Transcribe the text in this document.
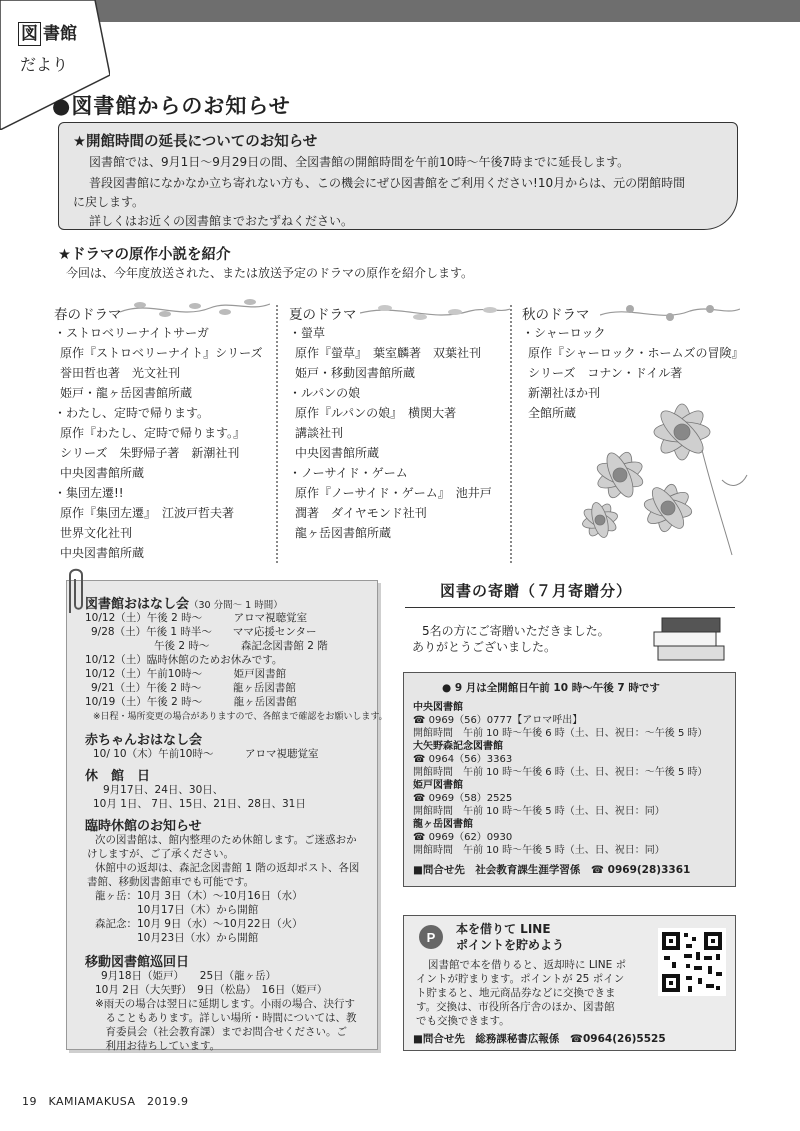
図 書館
だより
●図書館からのお知らせ
★開館時間の延長についてのお知らせ
図書館では、9月1日～9月29日の間、全図書館の開館時間を午前10時～午後7時までに延長します。
普段図書館になかなか立ち寄れない方も、この機会にぜひ図書館をご利用ください!10月からは、元の閉館時間
に戻します。
詳しくはお近くの図書館までおたずねください。
★ドラマの原作小説を紹介
今回は、今年度放送された、または放送予定のドラマの原作を紹介します。
春のドラマ
・ストロベリーナイトサーガ
原作『ストロベリーナイト』シリーズ
誉田哲也著　光文社刊
姫戸・龍ヶ岳図書館所蔵
・わたし、定時で帰ります。
原作『わたし、定時で帰ります。』
シリーズ　朱野帰子著　新潮社刊
中央図書館所蔵
・集団左遷!!
原作『集団左遷』　江波戸哲夫著
世界文化社刊
中央図書館所蔵
夏のドラマ
・螢草
原作『螢草』　葉室麟著　双葉社刊
姫戸・移動図書館所蔵
・ルパンの娘
原作『ルパンの娘』　横関大著
講談社刊
中央図書館所蔵
・ノーサイド・ゲーム
原作『ノーサイド・ゲーム』　池井戸
潤著　ダイヤモンド社刊
龍ヶ岳図書館所蔵
秋のドラマ
・シャーロック
原作『シャーロック・ホームズの冒険』
シリーズ　コナン・ドイル著
新潮社ほか刊
全館所蔵
図書館おはなし会（30 分間～ 1 時間）
10/12（土）午後 2 時～　　　アロマ視聴覚室
9/28（土）午後 1 時半～　　ママ応援センター
　　　　　　午後 2 時～　　　森記念図書館 2 階
10/12（土）臨時休館のためお休みです。
10/12（土）午前10時～　　　姫戸図書館
9/21（土）午後 2 時～　　　龍ヶ岳図書館
10/19（土）午後 2 時～　　　龍ヶ岳図書館
※日程・場所変更の場合がありますので、各館まで確認をお願いします。
赤ちゃんおはなし会
10/ 10（木）午前10時～　　　アロマ視聴覚室
休　館　日
9月17日、24日、30日、
10月 1日、 7日、15日、21日、28日、31日
臨時休館のお知らせ
次の図書館は、館内整理のため休館します。ご迷惑おか
けしますが、ご了承ください。
休館中の返却は、森記念図書館 1 階の返却ポスト、各図
書館、移動図書館車でも可能です。
龍ヶ岳：10月 3日（木）～10月16日（水）
　　　　10月17日（木）から開館
森記念：10月 9日（水）～10月22日（火）
　　　　10月23日（水）から開館
移動図書館巡回日
9月18日（姫戸）　　25日（龍ヶ岳）
10月 2日（大矢野）　9日（松島）　16日（姫戸）
※雨天の場合は翌日に延期します。小雨の場合、決行す
　ることもあります。詳しい場所・時間については、教
　育委員会（社会教育課）までお問合せください。ご
　利用お待ちしています。
図書の寄贈（７月寄贈分）
5名の方にご寄贈いただきました。
ありがとうございました。
● 9 月は全開館日午前 10 時～午後 7 時です
中央図書館
☎ 0969（56）0777【アロマ呼出】
開館時間　午前 10 時～午後 6 時（土、日、祝日：～午後 5 時）
大矢野森記念図書館
☎ 0964（56）3363
開館時間　午前 10 時～午後 6 時（土、日、祝日：～午後 5 時）
姫戸図書館
☎ 0969（58）2525
開館時間　午前 10 時～午後 5 時（土、日、祝日：同）
龍ヶ岳図書館
☎ 0969（62）0930
開館時間　午前 10 時～午後 5 時（土、日、祝日：同）
■問合せ先　社会教育課生涯学習係　☎ 0969(28)3361
P
本を借りて LINE
ポイントを貯めよう
図書館で本を借りると、返却時に LINE ポ
イントが貯まります。ポイントが 25 ポイン
ト貯まると、地元商品券などに交換できま
す。交換は、市役所各庁舎のほか、図書館
でも交換できます。
■問合せ先　総務課秘書広報係　☎0964(26)5525
19　KAMIAMAKUSA　2019.9
